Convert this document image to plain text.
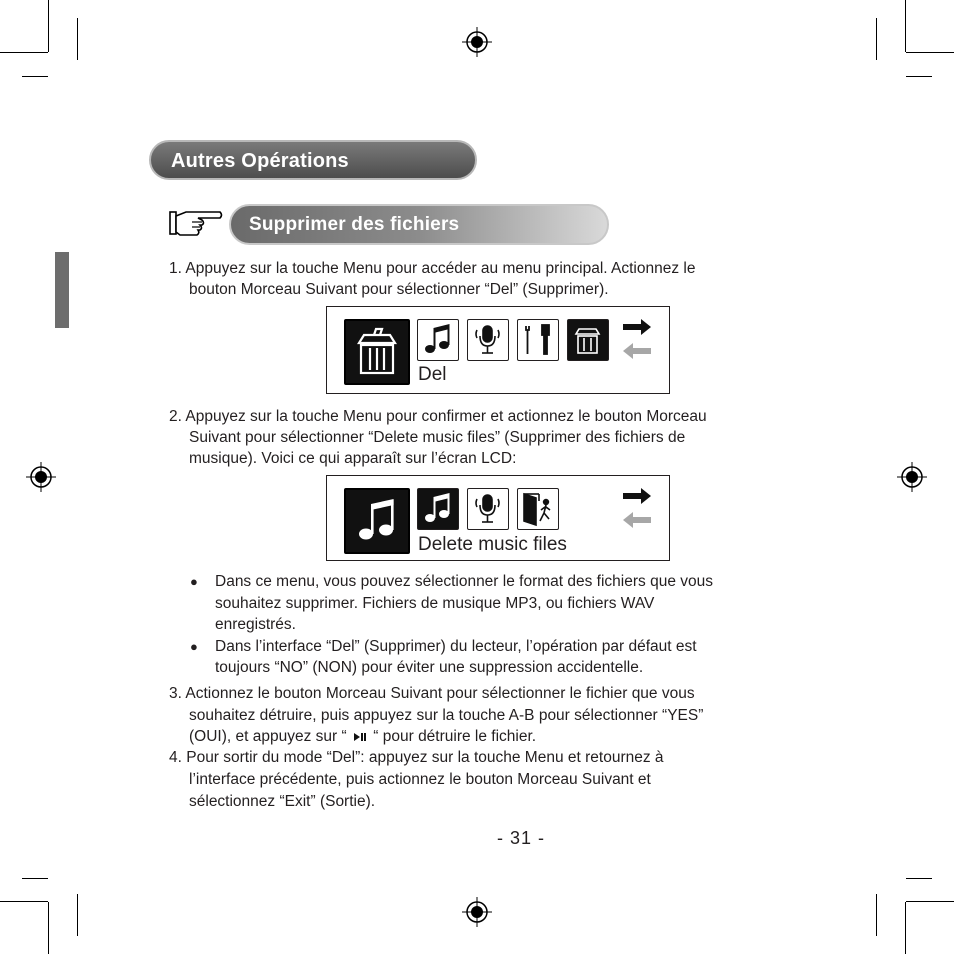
Autres Opérations
Supprimer des fichiers
1. Appuyez sur la touche Menu pour accéder au menu principal. Actionnez le
bouton Morceau Suivant pour sélectionner “Del” (Supprimer).
Del
2. Appuyez sur la touche Menu pour confirmer et actionnez le bouton Morceau
Suivant pour sélectionner “Delete music files” (Supprimer des fichiers de
musique). Voici ce qui apparaît sur l’écran LCD:
Delete music files
● Dans ce menu, vous pouvez sélectionner le format des fichiers que vous
souhaitez supprimer. Fichiers de musique MP3, ou fichiers WAV
enregistrés.
● Dans l’interface “Del” (Supprimer) du lecteur, l’opération par défaut est
toujours “NO” (NON) pour éviter une suppression accidentelle.
3. Actionnez le bouton Morceau Suivant pour sélectionner le fichier que vous
souhaitez détruire, puis appuyez sur la touche A-B pour sélectionner “YES”
(OUI), et appuyez sur “ “ pour détruire le fichier.
4. Pour sortir du mode “Del”: appuyez sur la touche Menu et retournez à
l’interface précédente, puis actionnez le bouton Morceau Suivant et
sélectionnez “Exit” (Sortie).
- 31 -
